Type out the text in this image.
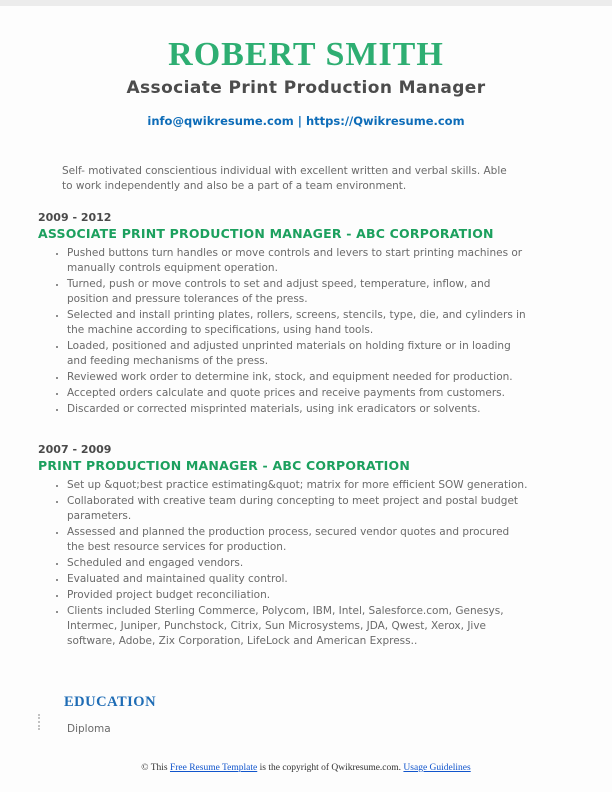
ROBERT SMITH
Associate Print Production Manager
info@qwikresume.com | https://Qwikresume.com

Self- motivated conscientious individual with excellent written and verbal skills. Able to work independently and also be a part of a team environment.

2009 - 2012
ASSOCIATE PRINT PRODUCTION MANAGER - ABC CORPORATION
• Pushed buttons turn handles or move controls and levers to start printing machines or manually controls equipment operation.
• Turned, push or move controls to set and adjust speed, temperature, inflow, and position and pressure tolerances of the press.
• Selected and install printing plates, rollers, screens, stencils, type, die, and cylinders in the machine according to specifications, using hand tools.
• Loaded, positioned and adjusted unprinted materials on holding fixture or in loading and feeding mechanisms of the press.
• Reviewed work order to determine ink, stock, and equipment needed for production.
• Accepted orders calculate and quote prices and receive payments from customers.
• Discarded or corrected misprinted materials, using ink eradicators or solvents.
2007 - 2009
PRINT PRODUCTION MANAGER - ABC CORPORATION
• Set up &quot;best practice estimating&quot; matrix for more efficient SOW generation.
• Collaborated with creative team during concepting to meet project and postal budget parameters.
• Assessed and planned the production process, secured vendor quotes and procured the best resource services for production.
• Scheduled and engaged vendors.
• Evaluated and maintained quality control.
• Provided project budget reconciliation.
• Clients included Sterling Commerce, Polycom, IBM, Intel, Salesforce.com, Genesys, Intermec, Juniper, Punchstock, Citrix, Sun Microsystems, JDA, Qwest, Xerox, Jive software, Adobe, Zix Corporation, LifeLock and American Express..
EDUCATION
Diploma
© This Free Resume Template is the copyright of Qwikresume.com. Usage Guidelines
